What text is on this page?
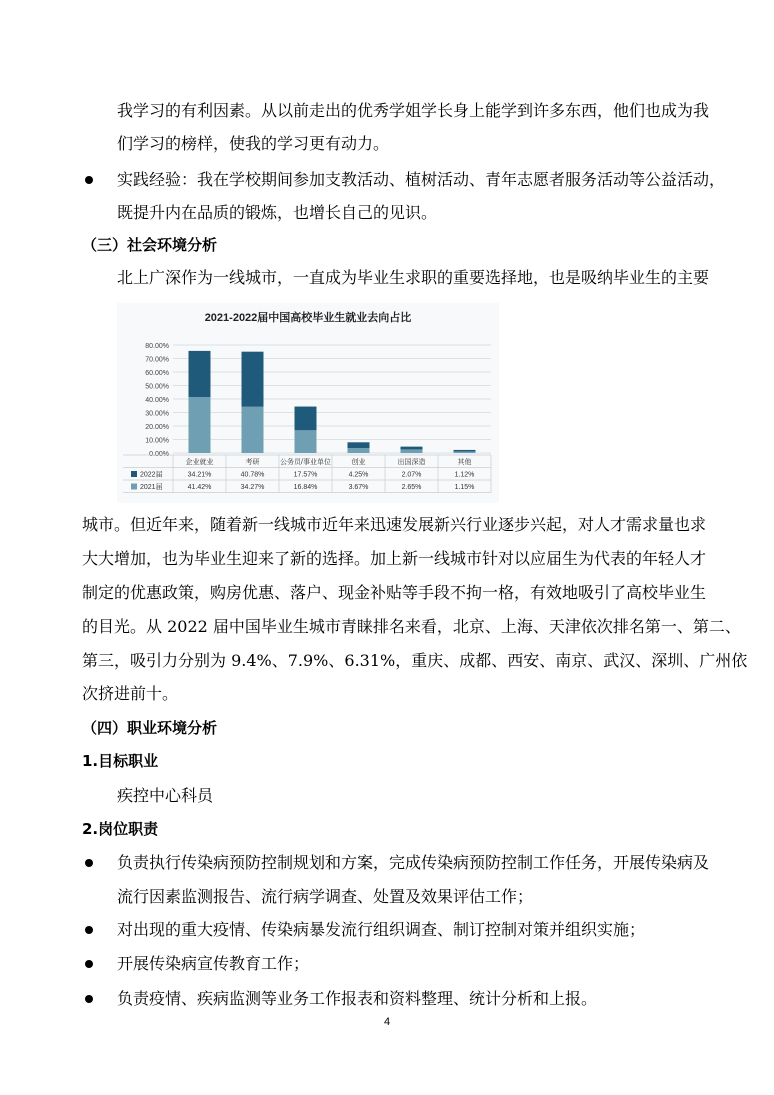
我学习的有利因素。从以前走出的优秀学姐学长身上能学到许多东西，他们也成为我
们学习的榜样，使我的学习更有动力。
实践经验：我在学校期间参加支教活动、植树活动、青年志愿者服务活动等公益活动，
既提升内在品质的锻炼，也增长自己的见识。
（三）社会环境分析
北上广深作为一线城市，一直成为毕业生求职的重要选择地，也是吸纳毕业生的主要
2021-2022届中国高校毕业生就业去向占比
0.00%
10.00%
20.00%
30.00%
40.00%
50.00%
60.00%
70.00%
80.00%
企业就业
34.21%
41.42%
考研
40.78%
34.27%
公务员/事业单位
17.57%
16.84%
创业
4.25%
3.67%
出国深造
2.07%
2.65%
其他
1.12%
1.15%
2022届
2021届
城市。但近年来，随着新一线城市近年来迅速发展新兴行业逐步兴起，对人才需求量也求
大大增加，也为毕业生迎来了新的选择。加上新一线城市针对以应届生为代表的年轻人才
制定的优惠政策，购房优惠、落户、现金补贴等手段不拘一格，有效地吸引了高校毕业生
的目光。从 2022 届中国毕业生城市青睐排名来看，北京、上海、天津依次排名第一、第二、
第三，吸引力分别为 9.4%、7.9%、6.31%，重庆、成都、西安、南京、武汉、深圳、广州依
次挤进前十。
（四）职业环境分析
1.目标职业
疾控中心科员
2.岗位职责
负责执行传染病预防控制规划和方案，完成传染病预防控制工作任务，开展传染病及
流行因素监测报告、流行病学调查、处置及效果评估工作；
对出现的重大疫情、传染病暴发流行组织调查、制订控制对策并组织实施；
开展传染病宣传教育工作；
负责疫情、疾病监测等业务工作报表和资料整理、统计分析和上报。
4
